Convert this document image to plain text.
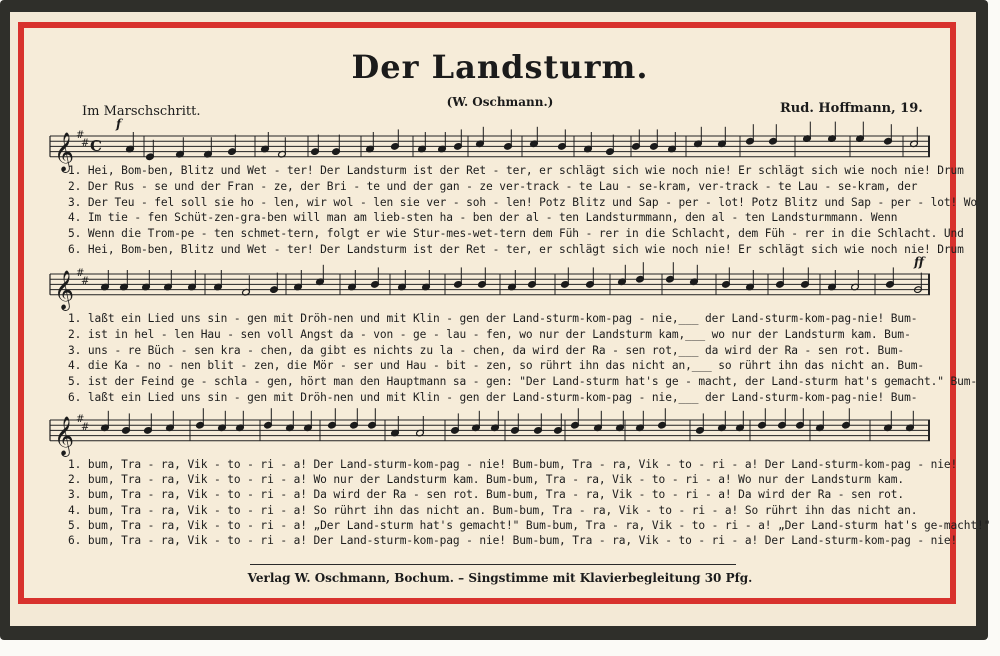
Der Landsturm.
(W. Oschmann.)
Im Marschschritt.	Rud. Hoffmann, 19.
𝄞 #
# C
f
1. Hei, Bom-ben, Blitz und Wet - ter! Der Landsturm ist der Ret - ter, er schlägt sich wie noch nie! Er schlägt sich wie noch nie! Drum
2. Der Rus - se und der Fran - ze, der Bri - te und der gan - ze ver-track - te Lau - se-kram, ver-track - te Lau - se-kram, der
3. Der Teu - fel soll sie ho - len, wir wol - len sie ver - soh - len! Potz Blitz und Sap - per - lot! Potz Blitz und Sap - per - lot! Wo
4. Im tie - fen Schüt-zen-gra-ben will man am lieb-sten ha - ben der al - ten Landsturmmann, den al - ten Landsturmmann. Wenn
5. Wenn die Trom-pe - ten schmet-tern, folgt er wie Stur-mes-wet-tern dem Füh - rer in die Schlacht, dem Füh - rer in die Schlacht. Und
6. Hei, Bom-ben, Blitz und Wet - ter! Der Landsturm ist der Ret - ter, er schlägt sich wie noch nie! Er schlägt sich wie noch nie! Drum
𝄞 #
#
ff
1. laßt ein Lied uns sin - gen mit Dröh-nen und mit Klin - gen der Land-sturm-kom-pag - nie,___ der Land-sturm-kom-pag-nie! Bum-
2. ist in hel - len Hau - sen voll Angst da - von - ge - lau - fen, wo nur der Landsturm kam,___ wo nur der Landsturm kam. Bum-
3. uns - re Büch - sen kra - chen, da gibt es nichts zu la - chen, da wird der Ra - sen rot,___ da wird der Ra - sen rot. Bum-
4. die Ka - no - nen blit - zen, die Mör - ser und Hau - bit - zen, so rührt ihn das nicht an,___ so rührt ihn das nicht an. Bum-
5. ist der Feind ge - schla - gen, hört man den Hauptmann sa - gen: "Der Land-sturm hat's ge - macht, der Land-sturm hat's gemacht." Bum-
6. laßt ein Lied uns sin - gen mit Dröh-nen und mit Klin - gen der Land-sturm-kom-pag - nie,___ der Land-sturm-kom-pag-nie! Bum-
𝄞 #
#
1. bum, Tra - ra, Vik - to - ri - a! Der Land-sturm-kom-pag - nie! Bum-bum, Tra - ra, Vik - to - ri - a! Der Land-sturm-kom-pag - nie!
2. bum, Tra - ra, Vik - to - ri - a! Wo nur der Landsturm kam. Bum-bum, Tra - ra, Vik - to - ri - a! Wo nur der Landsturm kam.
3. bum, Tra - ra, Vik - to - ri - a! Da wird der Ra - sen rot. Bum-bum, Tra - ra, Vik - to - ri - a! Da wird der Ra - sen rot.
4. bum, Tra - ra, Vik - to - ri - a! So rührt ihn das nicht an. Bum-bum, Tra - ra, Vik - to - ri - a! So rührt ihn das nicht an.
5. bum, Tra - ra, Vik - to - ri - a! „Der Land-sturm hat's gemacht!" Bum-bum, Tra - ra, Vik - to - ri - a! „Der Land-sturm hat's ge-macht!"
6. bum, Tra - ra, Vik - to - ri - a! Der Land-sturm-kom-pag - nie! Bum-bum, Tra - ra, Vik - to - ri - a! Der Land-sturm-kom-pag - nie!
Verlag W. Oschmann, Bochum. – Singstimme mit Klavierbegleitung 30 Pfg.
